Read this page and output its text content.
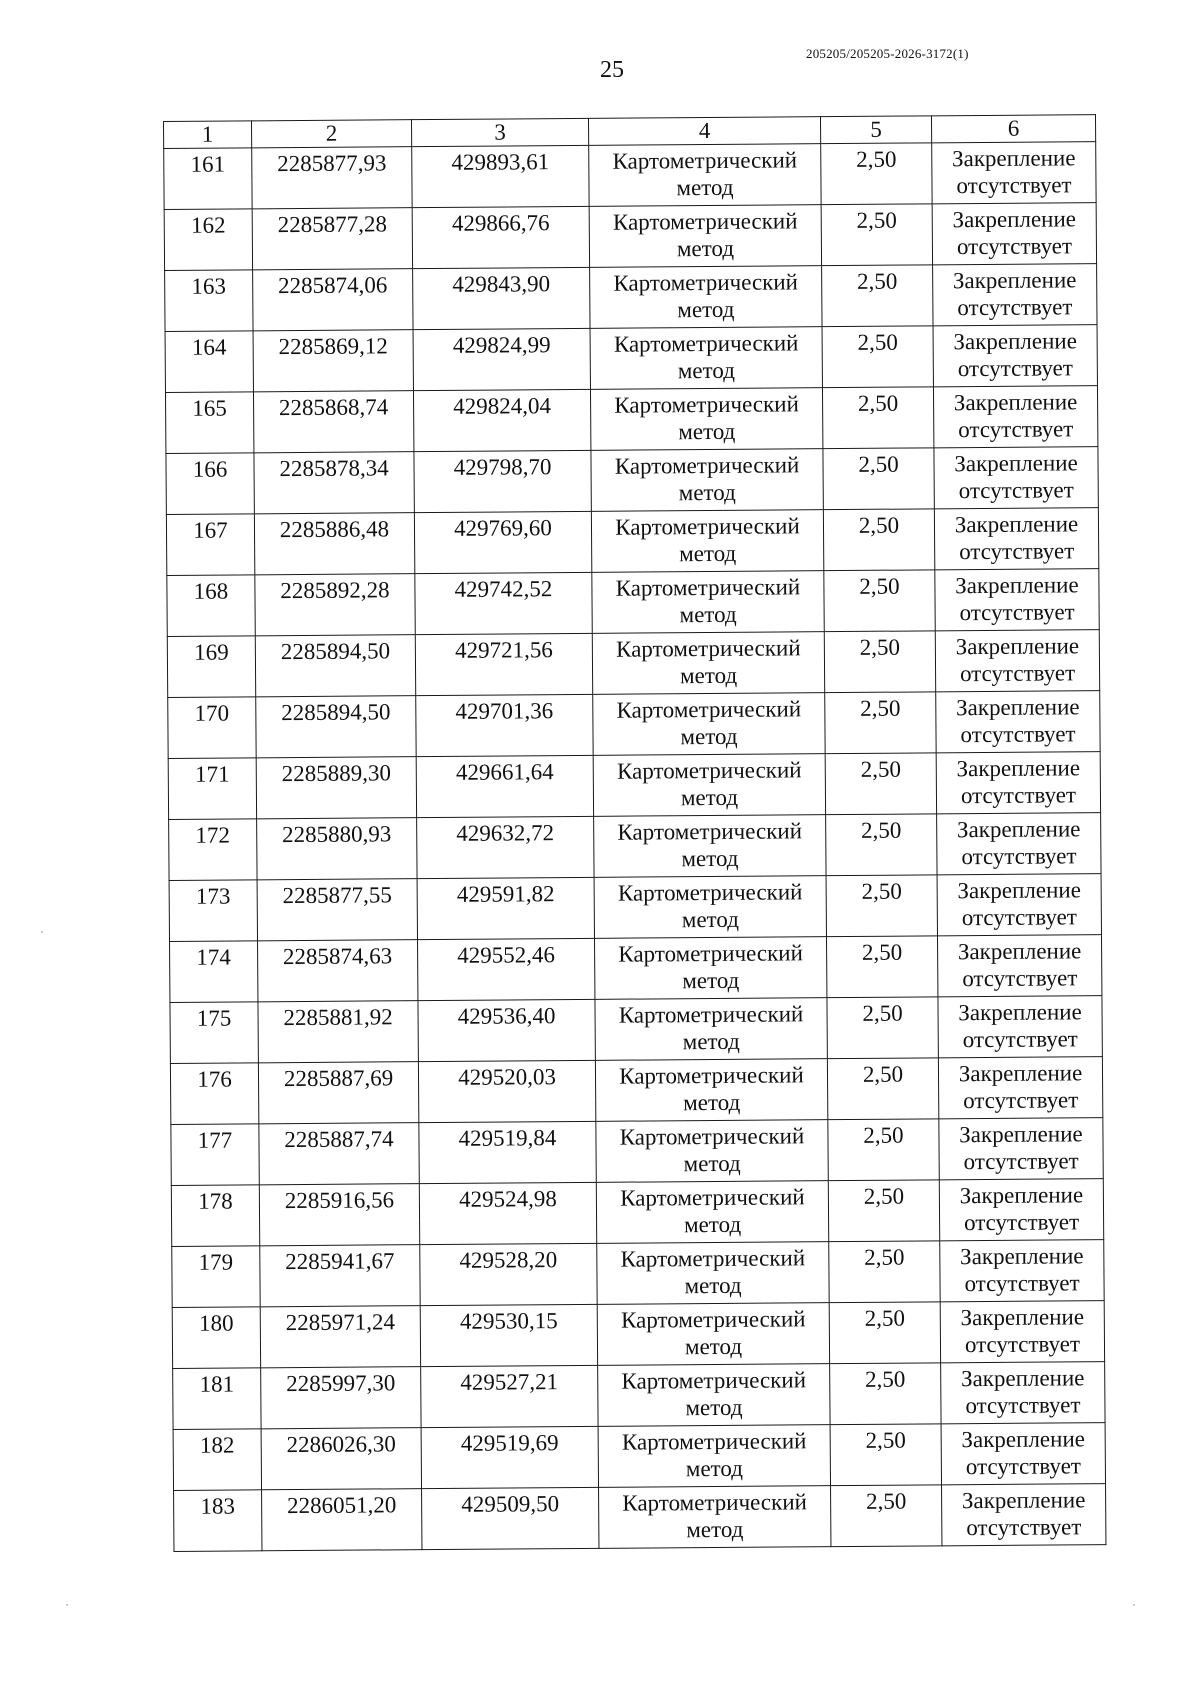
25
205205/205205-2026-3172(1)
1	2	3	4	5	6

161	2285877,93	429893,61	Картометрический метод	2,50	Закрепление отсутствует

162	2285877,28	429866,76	Картометрический метод	2,50	Закрепление отсутствует

163	2285874,06	429843,90	Картометрический метод	2,50	Закрепление отсутствует

164	2285869,12	429824,99	Картометрический метод	2,50	Закрепление отсутствует

165	2285868,74	429824,04	Картометрический метод	2,50	Закрепление отсутствует

166	2285878,34	429798,70	Картометрический метод	2,50	Закрепление отсутствует

167	2285886,48	429769,60	Картометрический метод	2,50	Закрепление отсутствует

168	2285892,28	429742,52	Картометрический метод	2,50	Закрепление отсутствует

169	2285894,50	429721,56	Картометрический метод	2,50	Закрепление отсутствует

170	2285894,50	429701,36	Картометрический метод	2,50	Закрепление отсутствует

171	2285889,30	429661,64	Картометрический метод	2,50	Закрепление отсутствует

172	2285880,93	429632,72	Картометрический метод	2,50	Закрепление отсутствует

173	2285877,55	429591,82	Картометрический метод	2,50	Закрепление отсутствует

174	2285874,63	429552,46	Картометрический метод	2,50	Закрепление отсутствует

175	2285881,92	429536,40	Картометрический метод	2,50	Закрепление отсутствует

176	2285887,69	429520,03	Картометрический метод	2,50	Закрепление отсутствует

177	2285887,74	429519,84	Картометрический метод	2,50	Закрепление отсутствует

178	2285916,56	429524,98	Картометрический метод	2,50	Закрепление отсутствует

179	2285941,67	429528,20	Картометрический метод	2,50	Закрепление отсутствует

180	2285971,24	429530,15	Картометрический метод	2,50	Закрепление отсутствует

181	2285997,30	429527,21	Картометрический метод	2,50	Закрепление отсутствует

182	2286026,30	429519,69	Картометрический метод	2,50	Закрепление отсутствует

183	2286051,20	429509,50	Картометрический метод	2,50	Закрепление отсутствует
